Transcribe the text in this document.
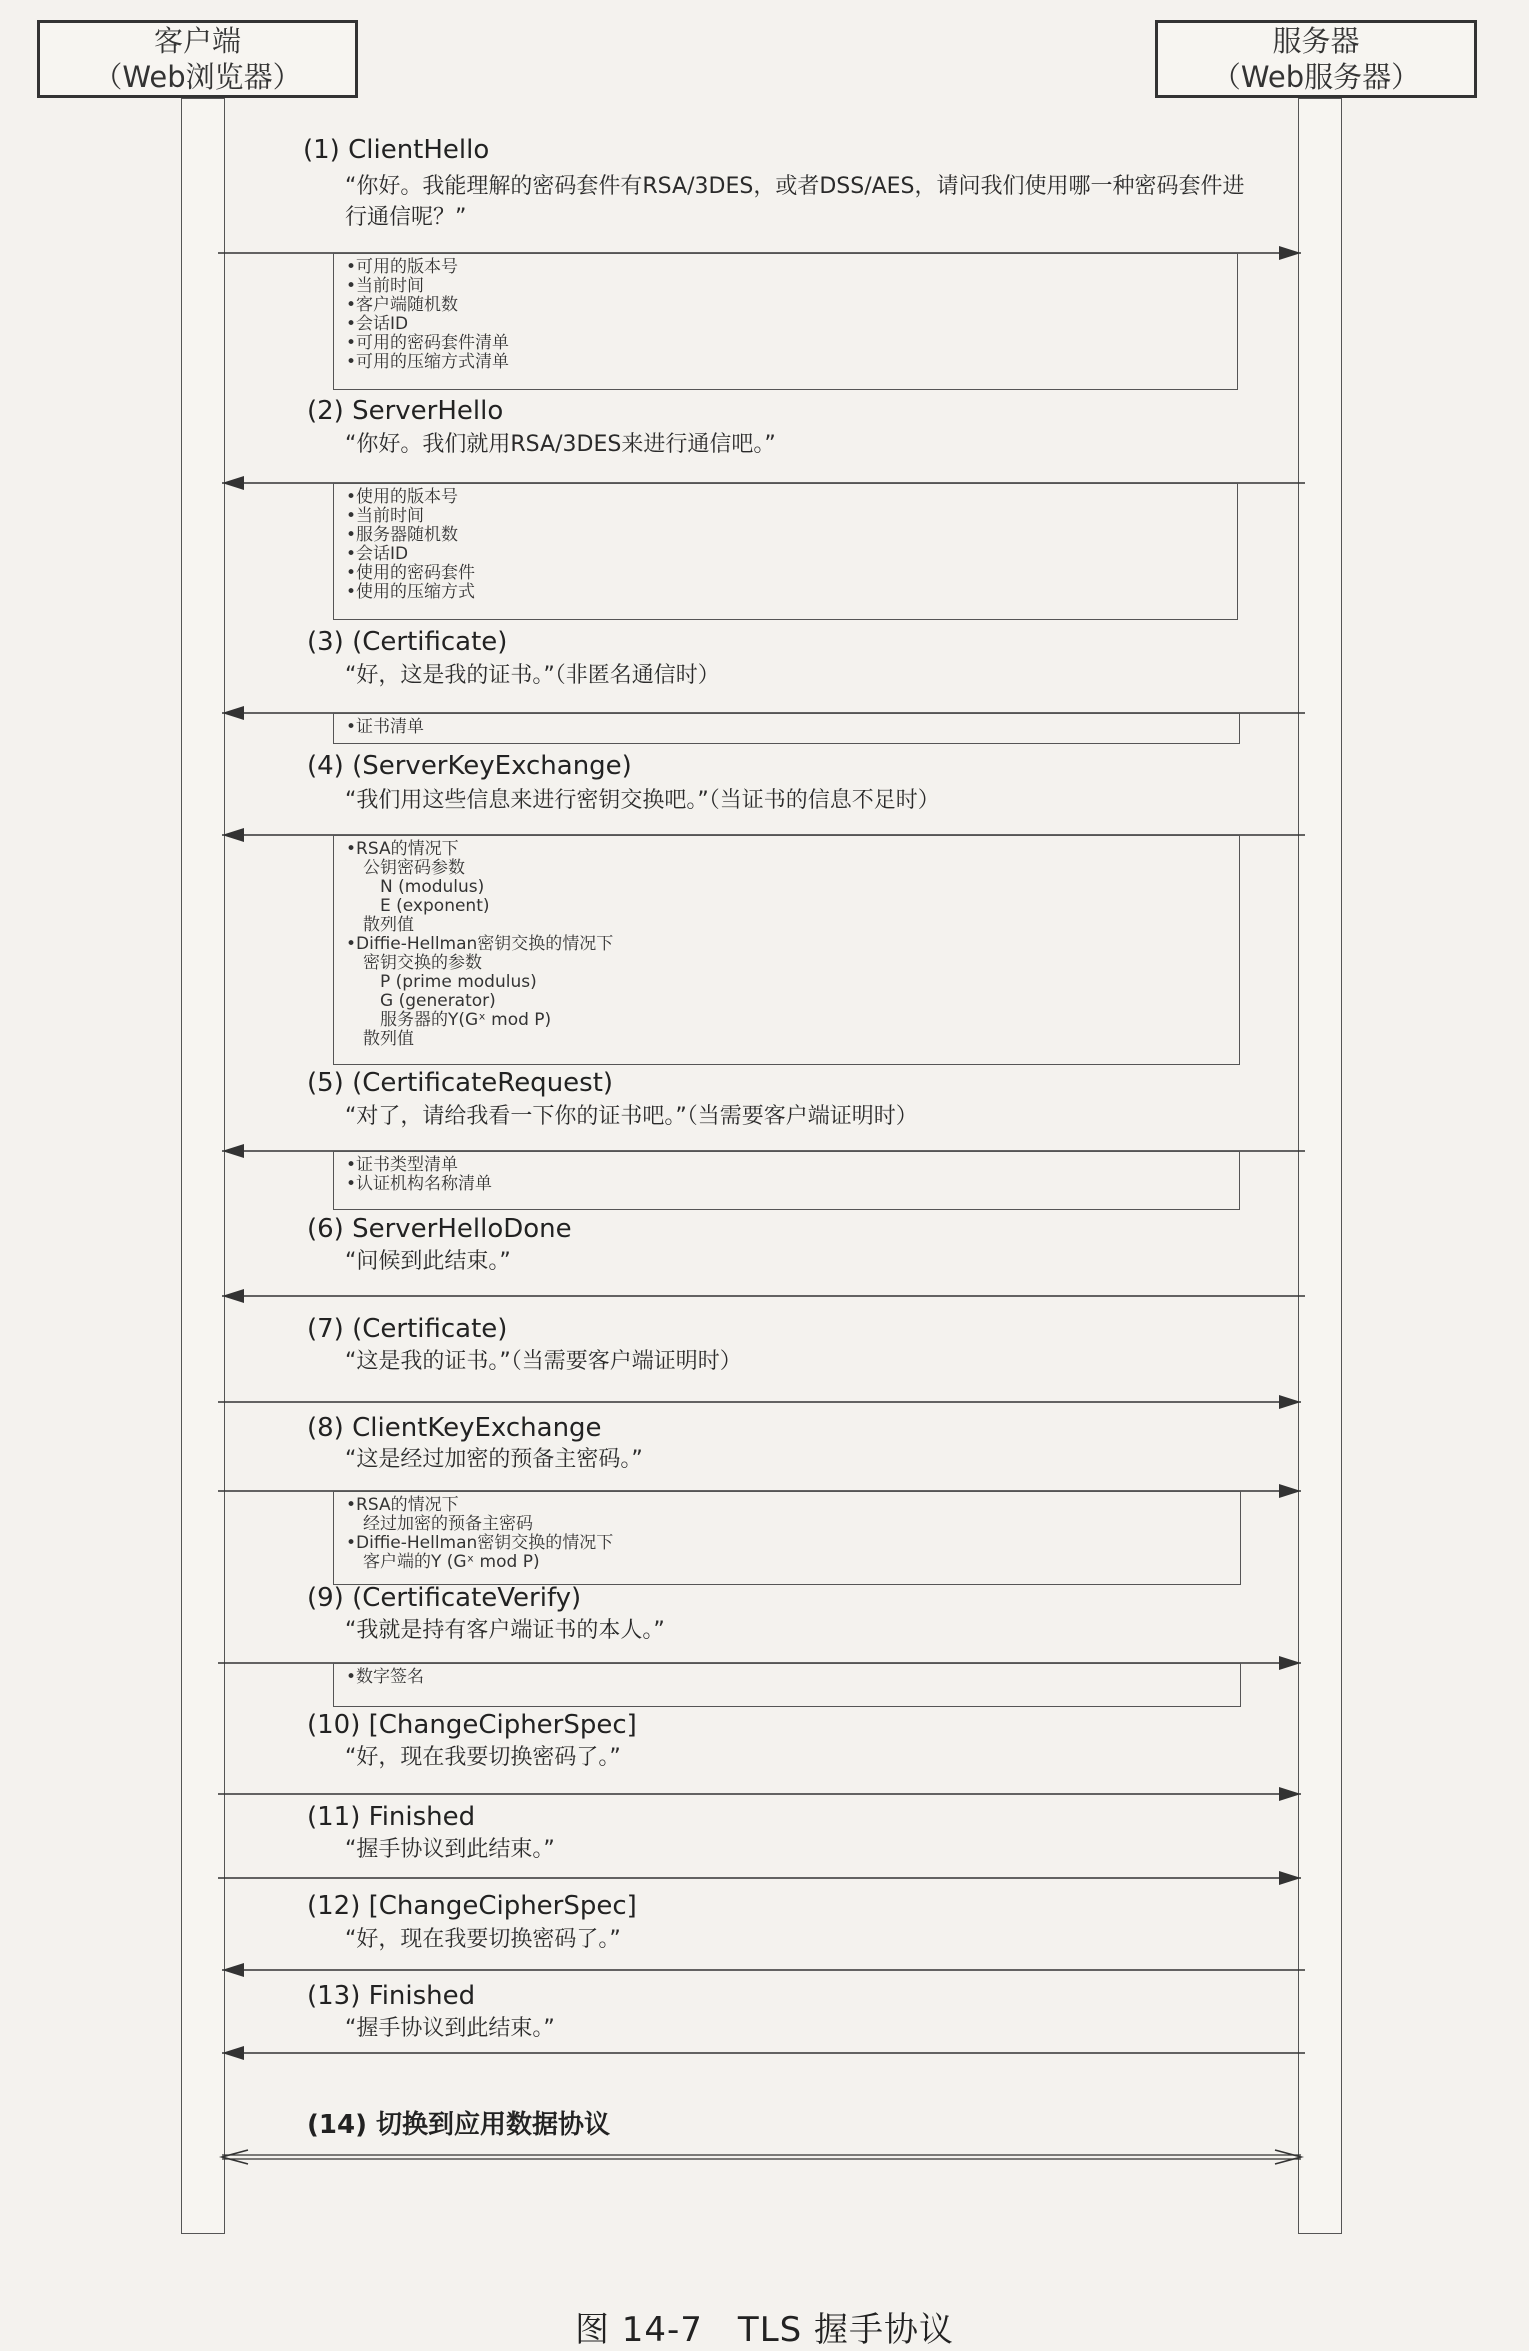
客户端
（Web浏览器）
服务器
（Web服务器）
(1) ClientHello
“你好。我能理解的密码套件有RSA/3DES，或者DSS/AES，请问我们使用哪一种密码套件进行通信呢？”
•可用的版本号
•当前时间
•客户端随机数
•会话ID
•可用的密码套件清单
•可用的压缩方式清单
(2) ServerHello
“你好。我们就用RSA/3DES来进行通信吧。”
•使用的版本号
•当前时间
•服务器随机数
•会话ID
•使用的密码套件
•使用的压缩方式
(3) (Certificate)
“好，这是我的证书。”（非匿名通信时）
•证书清单
(4) (ServerKeyExchange)
“我们用这些信息来进行密钥交换吧。”（当证书的信息不足时）
•RSA的情况下
　公钥密码参数
　　N (modulus)
　　E (exponent)
　散列值
•Diffie-Hellman密钥交换的情况下
　密钥交换的参数
　　P (prime modulus)
　　G (generator)
　　服务器的Y(Gˣ mod P)
　散列值
(5) (CertificateRequest)
“对了，请给我看一下你的证书吧。”（当需要客户端证明时）
•证书类型清单
•认证机构名称清单
(6) ServerHelloDone
“问候到此结束。”
(7) (Certificate)
“这是我的证书。”（当需要客户端证明时）
(8) ClientKeyExchange
“这是经过加密的预备主密码。”
•RSA的情况下
　经过加密的预备主密码
•Diffie-Hellman密钥交换的情况下
　客户端的Y (Gˣ mod P)
(9) (CertificateVerify)
“我就是持有客户端证书的本人。”
•数字签名
(10) [ChangeCipherSpec]
“好，现在我要切换密码了。”
(11) Finished
“握手协议到此结束。”
(12) [ChangeCipherSpec]
“好，现在我要切换密码了。”
(13) Finished
“握手协议到此结束。”
(14) 切换到应用数据协议
图 14-7　TLS 握手协议
